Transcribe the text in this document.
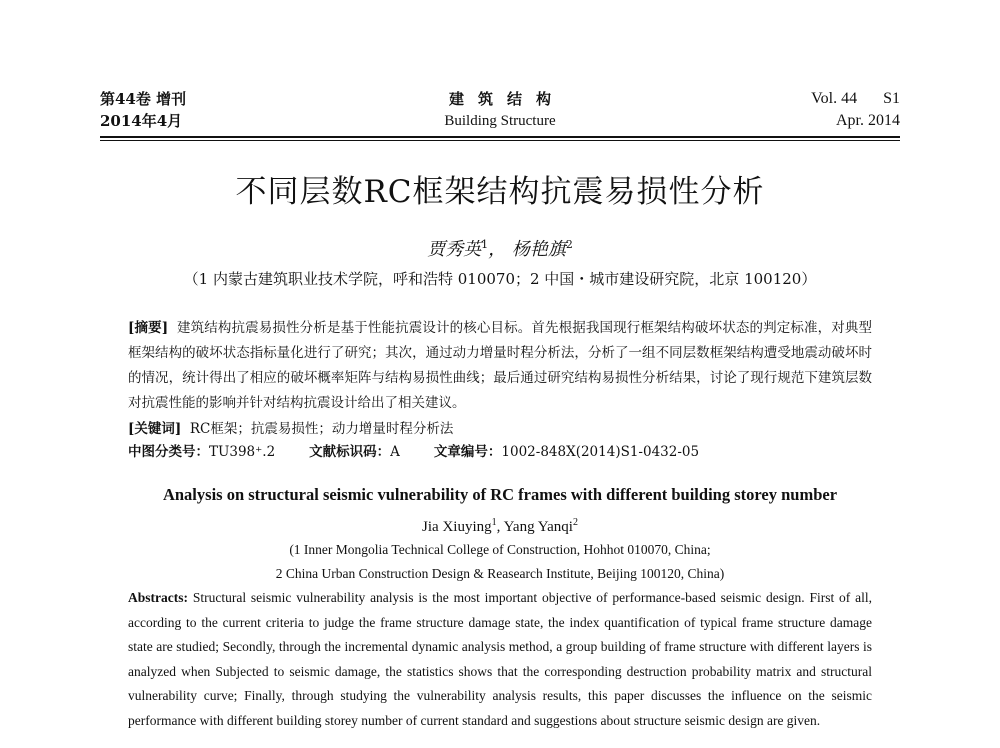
第44卷 增刊
2014年4月
建筑结构
Building Structure
Vol. 44 S1
Apr. 2014
不同层数RC框架结构抗震易损性分析
贾秀英$^1$， 杨艳旗$^2$
（1 内蒙古建筑职业技术学院，呼和浩特 010070；2 中国・城市建设研究院，北京 100120）
[摘要] 建筑结构抗震易损性分析是基于性能抗震设计的核心目标。首先根据我国现行框架结构破坏状态的判定标准，对典型框架结构的破坏状态指标量化进行了研究；其次，通过动力增量时程分析法，分析了一组不同层数框架结构遭受地震动破坏时的情况，统计得出了相应的破坏概率矩阵与结构易损性曲线；最后通过研究结构易损性分析结果，讨论了现行规范下建筑层数对抗震性能的影响并针对结构抗震设计给出了相关建议。
[关键词] RC框架；抗震易损性；动力增量时程分析法
中图分类号：TU398⁺.2	文献标识码：A	文章编号：1002-848X(2014)S1-0432-05
Analysis on structural seismic vulnerability of RC frames with different building storey number
Jia Xiuying$^1$, Yang Yanqi$^2$
(1 Inner Mongolia Technical College of Construction, Hohhot 010070, China;
2 China Urban Construction Design & Reasearch Institute, Beijing 100120, China)
Abstracts: Structural seismic vulnerability analysis is the most important objective of performance-based seismic design. First of all, according to the current criteria to judge the frame structure damage state, the index quantification of typical frame structure damage state are studied; Secondly, through the incremental dynamic analysis method, a group building of frame structure with different layers is analyzed when Subjected to seismic damage, the statistics shows that the corresponding destruction probability matrix and structural vulnerability curve; Finally, through studying the vulnerability analysis results, this paper discusses the influence on the seismic performance with different building storey number of current standard and suggestions about structure seismic design are given.
